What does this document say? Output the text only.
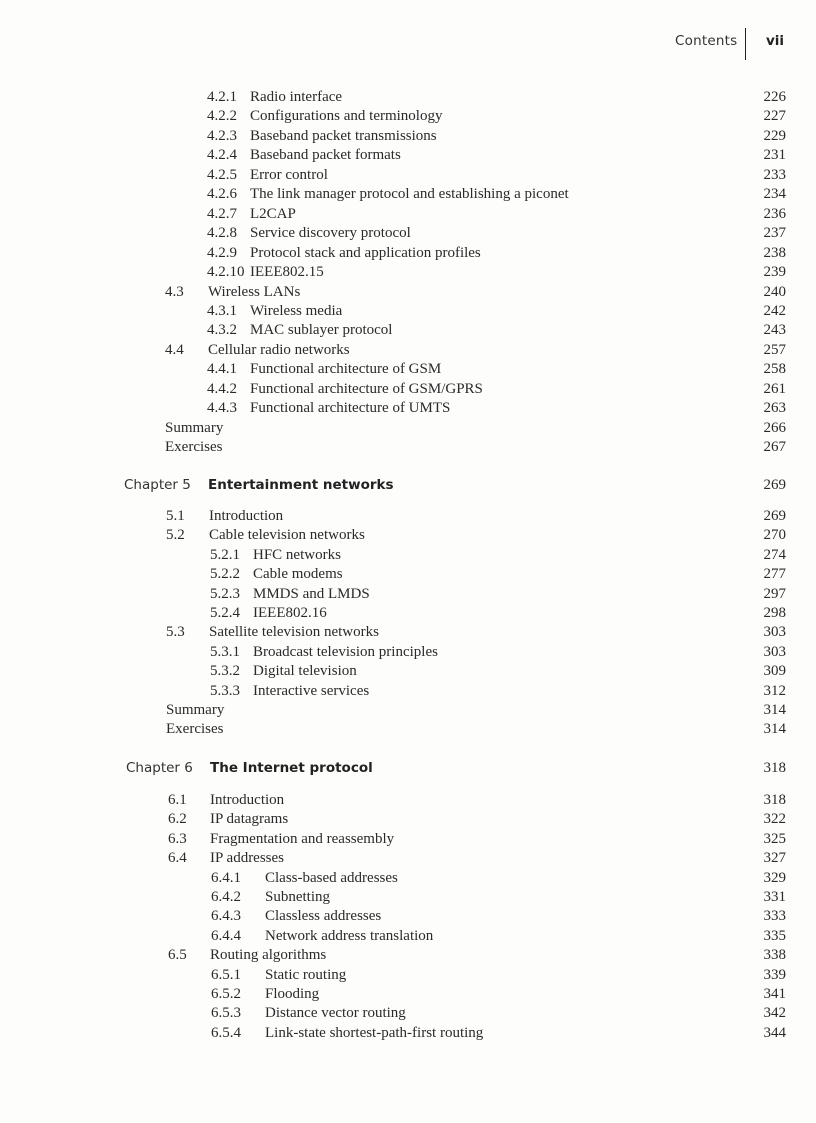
Contents vii
4.2.1 Radio interface	226
4.2.2 Configurations and terminology	227
4.2.3 Baseband packet transmissions	229
4.2.4 Baseband packet formats	231
4.2.5 Error control	233
4.2.6 The link manager protocol and establishing a piconet	234
4.2.7 L2CAP	236
4.2.8 Service discovery protocol	237
4.2.9 Protocol stack and application profiles	238
4.2.10 IEEE802.15	239
4.3 Wireless LANs	240
4.3.1 Wireless media	242
4.3.2 MAC sublayer protocol	243
4.4 Cellular radio networks	257
4.4.1 Functional architecture of GSM	258
4.4.2 Functional architecture of GSM/GPRS	261
4.4.3 Functional architecture of UMTS	263
Summary	266
Exercises	267
Chapter 5 Entertainment networks	269
5.1 Introduction	269
5.2 Cable television networks	270
5.2.1 HFC networks	274
5.2.2 Cable modems	277
5.2.3 MMDS and LMDS	297
5.2.4 IEEE802.16	298
5.3 Satellite television networks	303
5.3.1 Broadcast television principles	303
5.3.2 Digital television	309
5.3.3 Interactive services	312
Summary	314
Exercises	314
Chapter 6 The Internet protocol	318
6.1 Introduction	318
6.2 IP datagrams	322
6.3 Fragmentation and reassembly	325
6.4 IP addresses	327
6.4.1 Class-based addresses	329
6.4.2 Subnetting	331
6.4.3 Classless addresses	333
6.4.4 Network address translation	335
6.5 Routing algorithms	338
6.5.1 Static routing	339
6.5.2 Flooding	341
6.5.3 Distance vector routing	342
6.5.4 Link-state shortest-path-first routing	344
